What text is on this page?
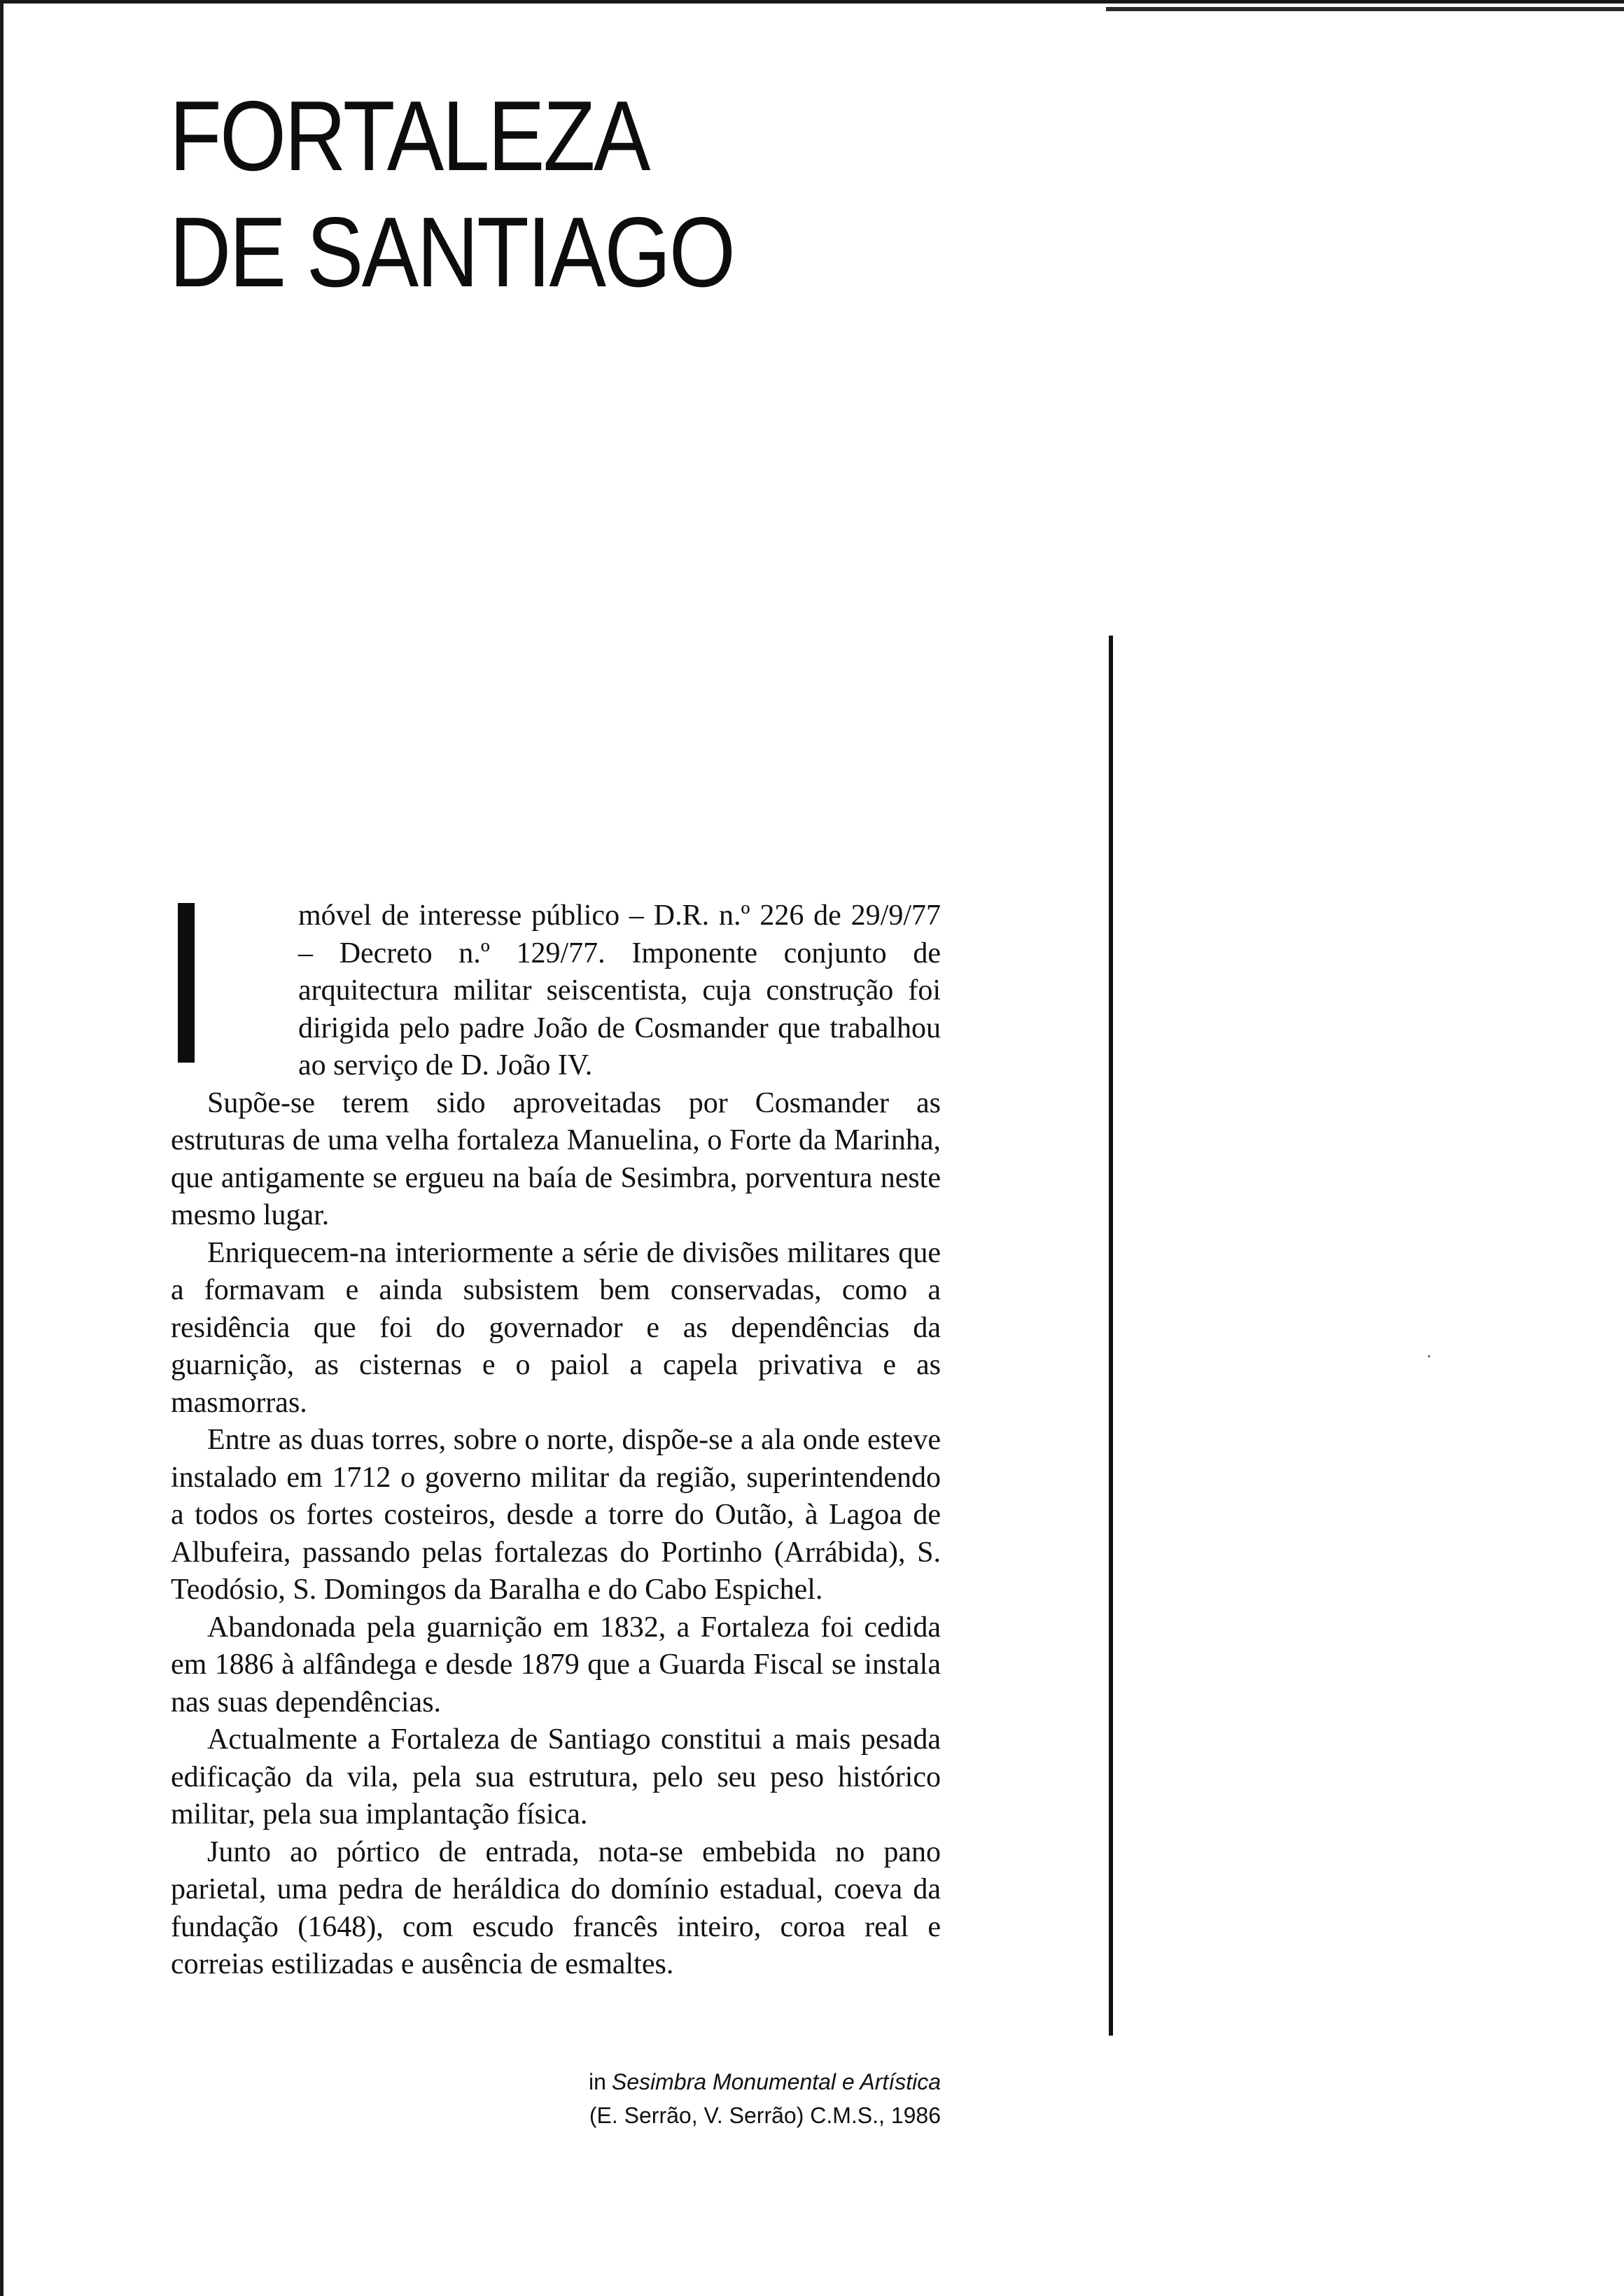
FORTALEZA
DE SANTIAGO

móvel de interesse público – D.R. n.º 226 de 29/9/77 – Decreto n.º 129/77. Imponente conjunto de arquitectura militar seiscentista, cuja construção foi dirigida pelo padre João de Cosmander que trabalhou ao serviço de D. João IV.

Supõe-se terem sido aproveitadas por Cosmander as estruturas de uma velha fortaleza Manuelina, o Forte da Marinha, que antigamente se ergueu na baía de Sesimbra, porventura neste mesmo lugar.

Enriquecem-na interiormente a série de divisões militares que a formavam e ainda subsistem bem conservadas, como a residência que foi do governador e as dependências da guarnição, as cisternas e o paiol a capela privativa e as masmorras.

Entre as duas torres, sobre o norte, dispõe-se a ala onde esteve instalado em 1712 o governo militar da região, superintendendo a todos os fortes costeiros, desde a torre do Outão, à Lagoa de Albufeira, passando pelas fortalezas do Portinho (Arrábida), S. Teodósio, S. Domingos da Baralha e do Cabo Espichel.

Abandonada pela guarnição em 1832, a Fortaleza foi cedida em 1886 à alfândega e desde 1879 que a Guarda Fiscal se instala nas suas dependências.

Actualmente a Fortaleza de Santiago constitui a mais pesada edificação da vila, pela sua estrutura, pelo seu peso histórico militar, pela sua implantação física.

Junto ao pórtico de entrada, nota-se embebida no pano parietal, uma pedra de heráldica do domínio estadual, coeva da fundação (1648), com escudo francês inteiro, coroa real e correias estilizadas e ausência de esmaltes.

in Sesimbra Monumental e Artística
(E. Serrão, V. Serrão) C.M.S., 1986
